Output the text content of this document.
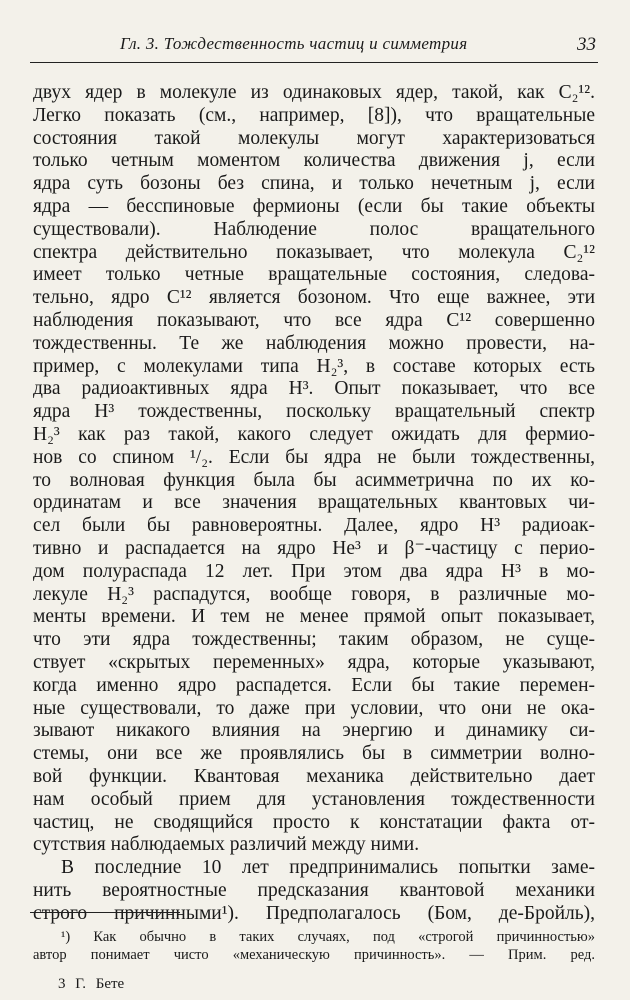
Гл. 3. Тождественность частиц и симметрия	33
двух ядер в молекуле из одинаковых ядер, такой, как C₂¹².
Легко показать (см., например, [8]), что вращательные
состояния такой молекулы могут характеризоваться
только четным моментом количества движения j, если
ядра суть бозоны без спина, и только нечетным j, если
ядра — бесспиновые фермионы (если бы такие объекты
существовали). Наблюдение полос вращательного
спектра действительно показывает, что молекула C₂¹²
имеет только четные вращательные состояния, следова-
тельно, ядро C¹² является бозоном. Что еще важнее, эти
наблюдения показывают, что все ядра C¹² совершенно
тождественны. Те же наблюдения можно провести, на-
пример, с молекулами типа H₂³, в составе которых есть
два радиоактивных ядра H³. Опыт показывает, что все
ядра H³ тождественны, поскольку вращательный спектр
H₂³ как раз такой, какого следует ожидать для фермио-
нов со спином ¹/₂. Если бы ядра не были тождественны,
то волновая функция была бы асимметрична по их ко-
ординатам и все значения вращательных квантовых чи-
сел были бы равновероятны. Далее, ядро H³ радиоак-
тивно и распадается на ядро He³ и β⁻-частицу с перио-
дом полураспада 12 лет. При этом два ядра H³ в мо-
лекуле H₂³ распадутся, вообще говоря, в различные мо-
менты времени. И тем не менее прямой опыт показывает,
что эти ядра тождественны; таким образом, не суще-
ствует «скрытых переменных» ядра, которые указывают,
когда именно ядро распадется. Если бы такие перемен-
ные существовали, то даже при условии, что они не ока-
зывают никакого влияния на энергию и динамику си-
стемы, они все же проявлялись бы в симметрии волно-
вой функции. Квантовая механика действительно дает
нам особый прием для установления тождественности
частиц, не сводящийся просто к констатации факта от-
сутствия наблюдаемых различий между ними.
В последние 10 лет предпринимались попытки заме-
нить вероятностные предсказания квантовой механики
строго причинными¹). Предполагалось (Бом, де-Бройль),
¹) Как обычно в таких случаях, под «строгой причинностью»
автор понимает чисто «механическую причинность». — Прим. ред.
3 Г. Бете
